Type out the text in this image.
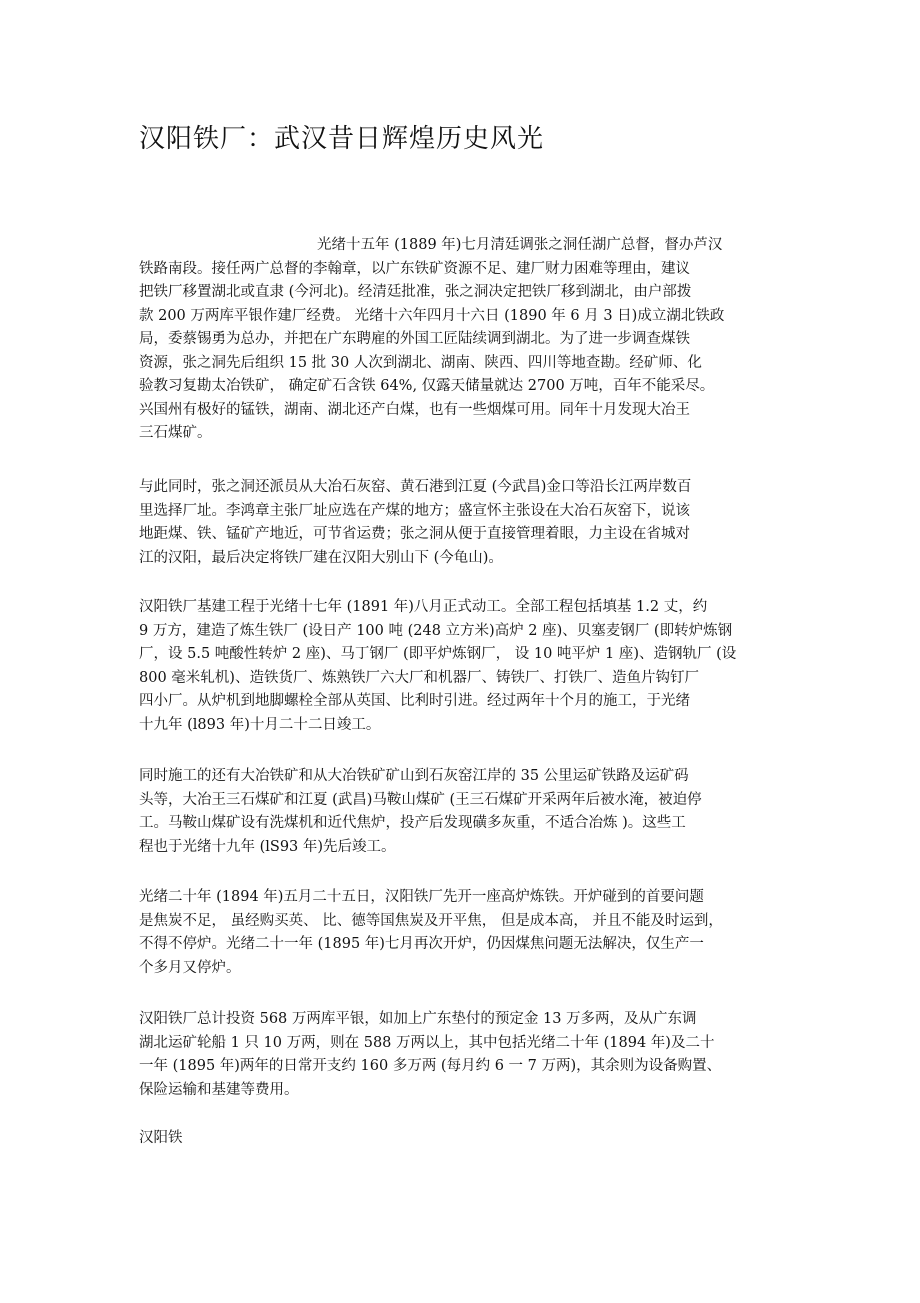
汉阳铁厂：武汉昔日辉煌历史风光
光绪十五年 (1889 年)七月清廷调张之洞任湖广总督，督办芦汉
铁路南段。接任两广总督的李翰章，以广东铁矿资源不足、建厂财力困难等理由，建议
把铁厂移置湖北或直隶 (今河北)。经清廷批准，张之洞决定把铁厂移到湖北，由户部拨
款 200 万两库平银作建厂经费。 光绪十六年四月十六日 (1890 年 6 月 3 日)成立湖北铁政
局，委蔡锡勇为总办，并把在广东聘雇的外国工匠陆续调到湖北。为了进一步调查煤铁
资源，张之洞先后组织 15 批 30 人次到湖北、湖南、陕西、四川等地查勘。经矿师、化
验教习复勘太冶铁矿， 确定矿石含铁 64%, 仅露天储量就达 2700 万吨，百年不能采尽。
兴国州有极好的锰铁，湖南、湖北还产白煤，也有一些烟煤可用。同年十月发现大冶王
三石煤矿。
与此同时，张之洞还派员从大冶石灰窑、黄石港到江夏 (今武昌)金口等沿长江两岸数百
里选择厂址。李鸿章主张厂址应选在产煤的地方；盛宣怀主张设在大冶石灰窑下，说该
地距煤、铁、锰矿产地近，可节省运费；张之洞从便于直接管理着眼，力主设在省城对
江的汉阳，最后决定将铁厂建在汉阳大别山下 (今龟山)。
汉阳铁厂基建工程于光绪十七年 (1891 年)八月正式动工。全部工程包括填基 1.2 丈，约
9 万方，建造了炼生铁厂 (设日产 100 吨 (248 立方米)高炉 2 座)、贝塞麦钢厂 (即转炉炼钢
厂，设 5.5 吨酸性转炉 2 座)、马丁钢厂 (即平炉炼钢厂， 设 10 吨平炉 1 座)、造钢轨厂 (设
800 毫米轧机)、造铁货厂、炼熟铁厂六大厂和机器厂、铸铁厂、打铁厂、造鱼片钩钉厂
四小厂。从炉机到地脚螺栓全部从英国、比利时引进。经过两年十个月的施工，于光绪
十九年 (l893 年)十月二十二日竣工。
同时施工的还有大冶铁矿和从大冶铁矿矿山到石灰窑江岸的 35 公里运矿铁路及运矿码
头等，大冶王三石煤矿和江夏 (武昌)马鞍山煤矿 (王三石煤矿开采两年后被水淹，被迫停
工。马鞍山煤矿设有洗煤机和近代焦炉，投产后发现磺多灰重，不适合冶炼 )。这些工
程也于光绪十九年 (lS93 年)先后竣工。
光绪二十年 (1894 年)五月二十五日，汉阳铁厂先开一座高炉炼铁。开炉碰到的首要问题
是焦炭不足， 虽经购买英、 比、德等国焦炭及开平焦， 但是成本高， 并且不能及时运到，
不得不停炉。光绪二十一年 (1895 年)七月再次开炉，仍因煤焦问题无法解决，仅生产一
个多月又停炉。
汉阳铁厂总计投资 568 万两库平银，如加上广东垫付的预定金 13 万多两，及从广东调
湖北运矿轮船 1 只 10 万两，则在 588 万两以上，其中包括光绪二十年 (1894 年)及二十
一年 (1895 年)两年的日常开支约 160 多万两 (每月约 6 一 7 万两)，其余则为设备购置、
保险运输和基建等费用。
汉阳铁
